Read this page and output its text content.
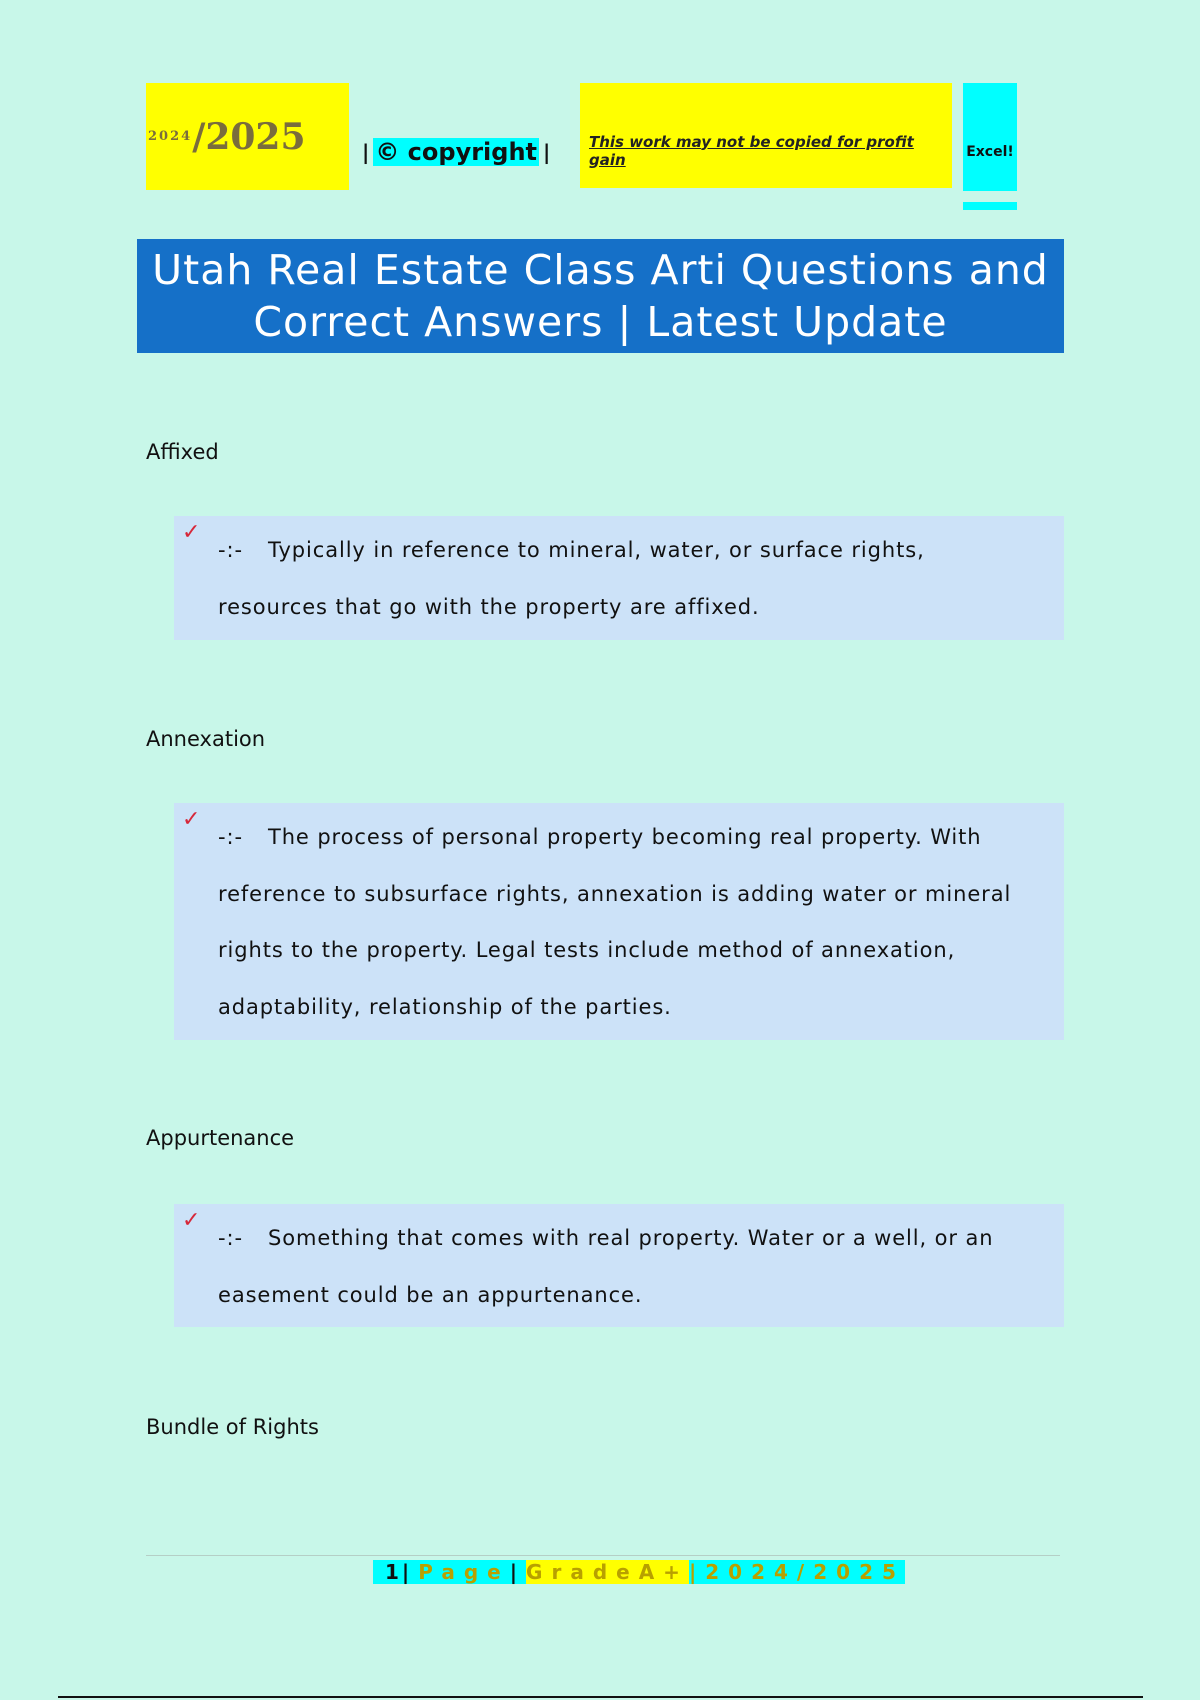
2024 /2025	| © copyright |	This work may not be copied for profit gain	Excel!
Utah Real Estate Class Arti Questions and Correct Answers | Latest Update
Affixed
✓

-:- Typically in reference to mineral, water, or surface rights, resources that go with the property are affixed.

Annexation
✓

-:- The process of personal property becoming real property. With reference to subsurface rights, annexation is adding water or mineral rights to the property. Legal tests include method of annexation, adaptability, relationship of the parties.

Appurtenance
✓

-:- Something that comes with real property. Water or a well, or an easement could be an appurtenance.

Bundle of Rights
1 | Page | GradeA+ | 2024/2025
